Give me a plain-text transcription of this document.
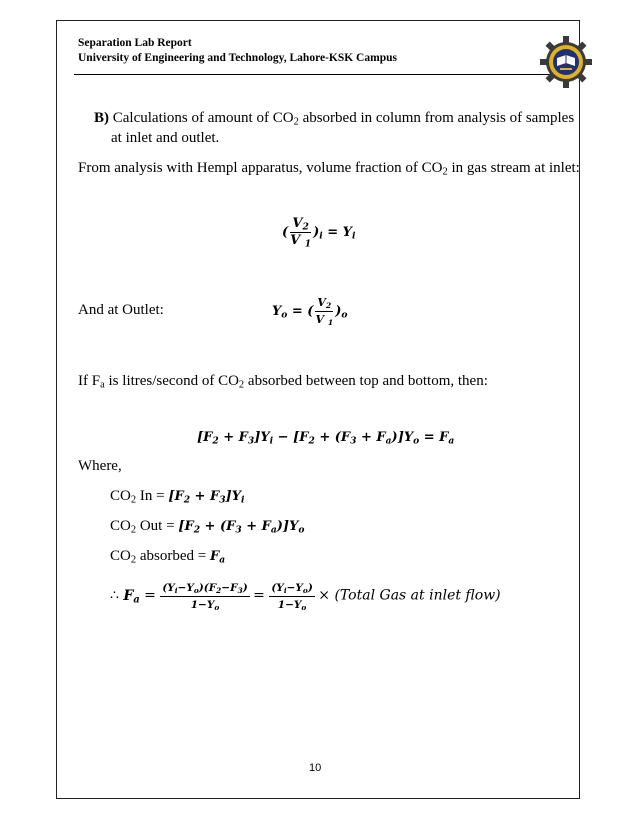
Separation Lab Report
University of Engineering and Technology, Lahore-KSK Campus
B) Calculations of amount of $CO_2$ absorbed in column from analysis of samples
at inlet and outlet.
From analysis with Hempl apparatus, volume fraction of $CO_2$ in gas stream at inlet:
( $\frac{V_2}{V _1} )_i = Y_i$
And at Outlet:	$Y_o$ = ( $\frac{V_2}{V _1} )_o$
If $F_a$ is litres/second of $CO_2$ absorbed between top and bottom, then:
$[F_2 + F_3]Y_i - [F_2 + (F_3 + F_a)]Y_o = F_a$
Where,
$CO_2$ $In = [F_2 + F_3]Y_i$
$CO_2$ Out = $[F_2 + (F_3 + F_a)]Y_o$
$CO_2$ absorbed = $F_a$
∴ $F_a = \frac{(Y_i-Y_o)(F_2-F_3)}{1-Y_o} = \frac{(Y_i-Y_o)}{1-Y_o}$ × (Total Gas at inlet flow)
10
